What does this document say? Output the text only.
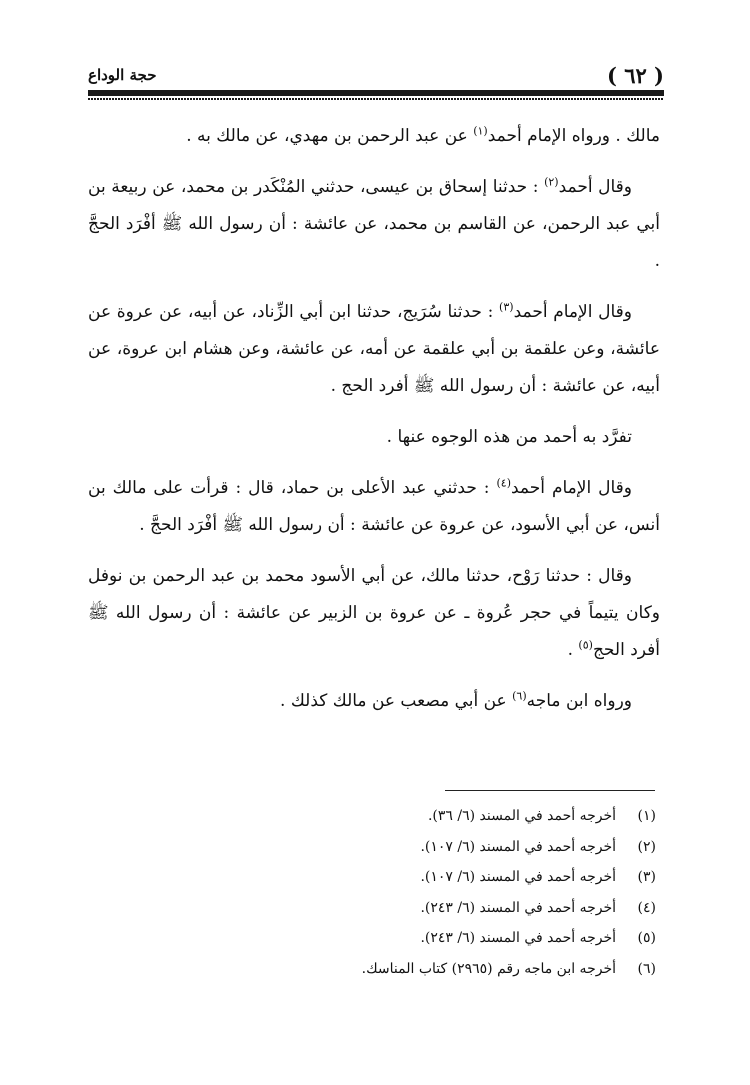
( ٦٢ )
حجة الوداع

مالك . ورواه الإمام أحمد$^{(١)}$ عن عبد الرحمن بن مهدي، عن مالك به .

وقال أحمد$^{(٢)}$ : حدثنا إسحاق بن عيسى، حدثني المُنْكَدر بن محمد، عن ربيعة بن أبي عبد الرحمن، عن القاسم بن محمد، عن عائشة : أن رسول الله ﷺ أفْرَد الحجَّ .

وقال الإمام أحمد$^{(٣)}$ : حدثنا سُرَيج، حدثنا ابن أبي الزِّناد، عن أبيه، عن عروة عن عائشة، وعن علقمة بن أبي علقمة عن أمه، عن عائشة، وعن هشام ابن عروة، عن أبيه، عن عائشة : أن رسول الله ﷺ أفرد الحج .

تفرَّد به أحمد من هذه الوجوه عنها .

وقال الإمام أحمد$^{(٤)}$ : حدثني عبد الأعلى بن حماد، قال : قرأت على مالك بن أنس، عن أبي الأسود، عن عروة عن عائشة : أن رسول الله ﷺ أفْرَد الحجَّ .

وقال : حدثنا رَوْح، حدثنا مالك، عن أبي الأسود محمد بن عبد الرحمن بن نوفل وكان يتيماً في حجر عُروة ـ عن عروة بن الزبير عن عائشة : أن رسول الله ﷺ أفرد الحج$^{(٥)}$ .

ورواه ابن ماجه$^{(٦)}$ عن أبي مصعب عن مالك كذلك .

(١)
أخرجه أحمد في المسند (٦/ ٣٦).
(٢)
أخرجه أحمد في المسند (٦/ ١٠٧).
(٣)
أخرجه أحمد في المسند (٦/ ١٠٧).
(٤)
أخرجه أحمد في المسند (٦/ ٢٤٣).
(٥)
أخرجه أحمد في المسند (٦/ ٢٤٣).
(٦)
أخرجه ابن ماجه رقم (٢٩٦٥) كتاب المناسك.
